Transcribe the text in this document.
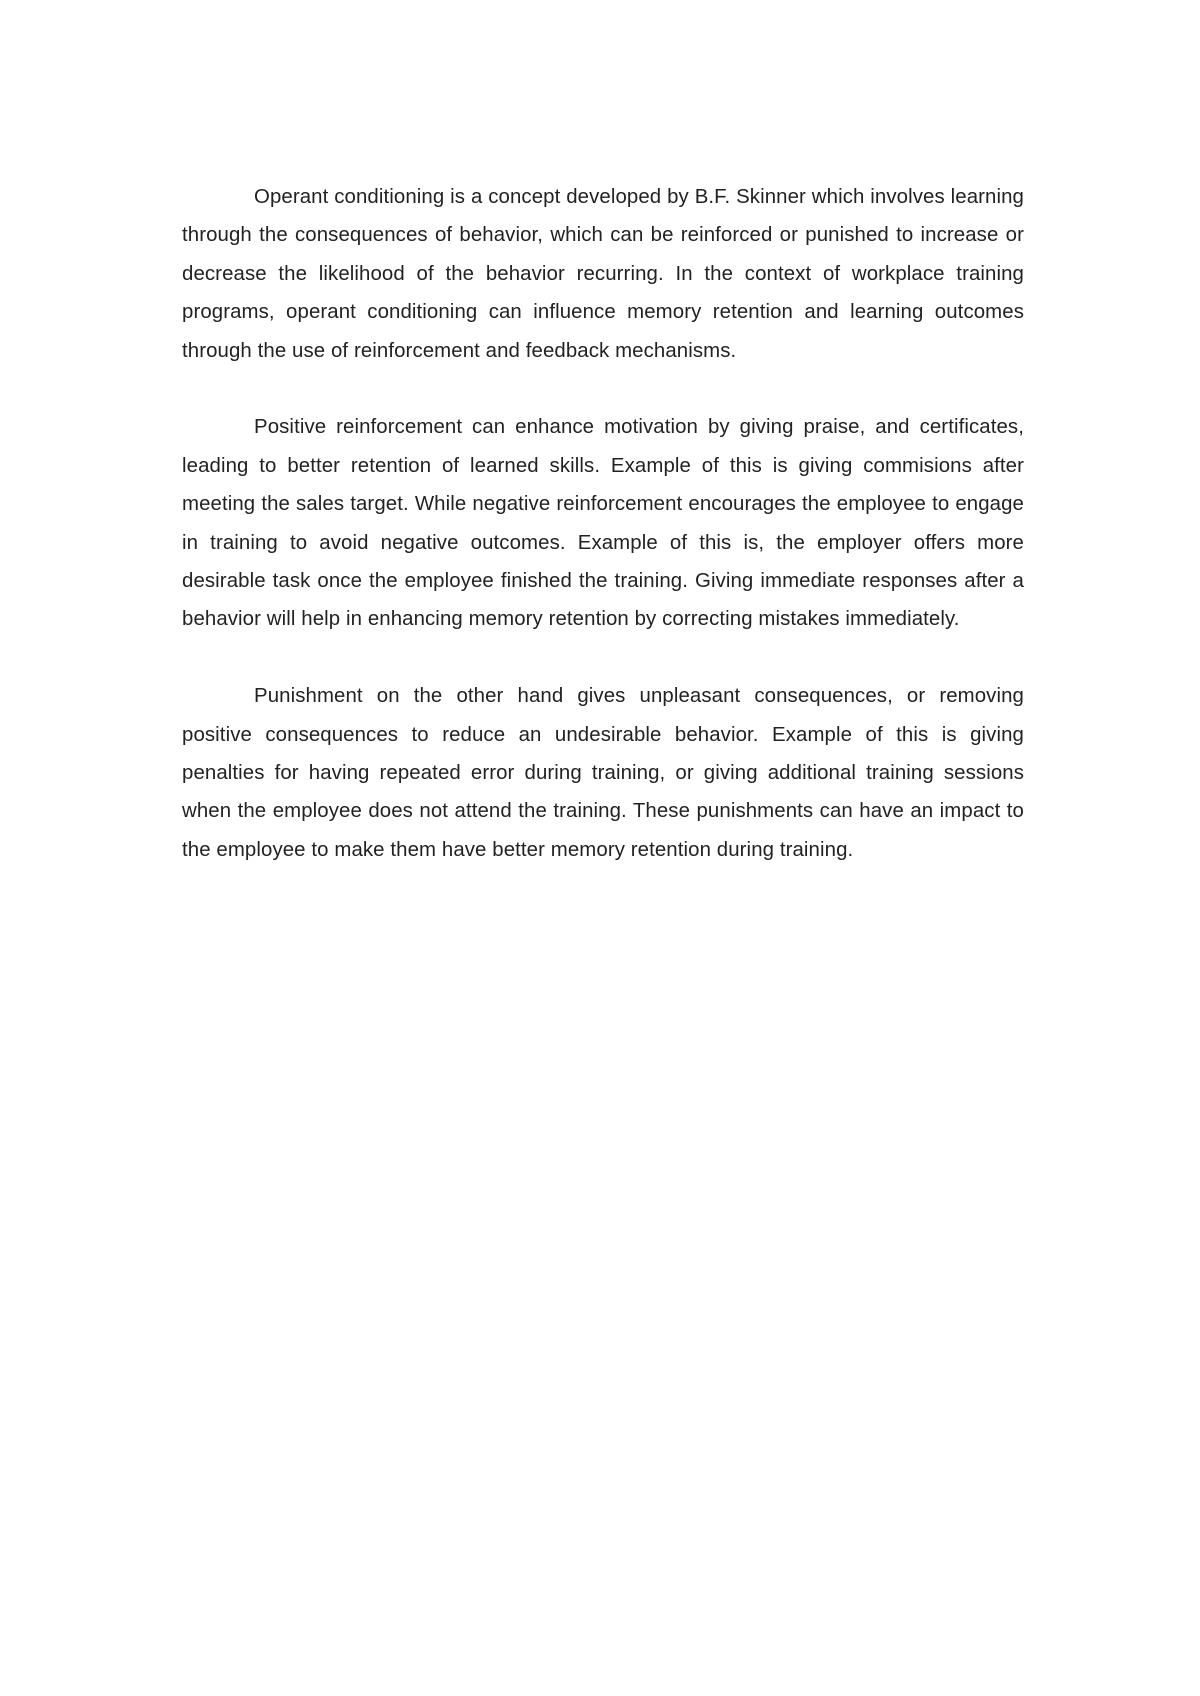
Operant conditioning is a concept developed by B.F. Skinner which involves learning through the consequences of behavior, which can be reinforced or punished to increase or decrease the likelihood of the behavior recurring. In the context of workplace training programs, operant conditioning can influence memory retention and learning outcomes through the use of reinforcement and feedback mechanisms.

Positive reinforcement can enhance motivation by giving praise, and certificates, leading to better retention of learned skills. Example of this is giving commisions after meeting the sales target. While negative reinforcement encourages the employee to engage in training to avoid negative outcomes. Example of this is, the employer offers more desirable task once the employee finished the training. Giving immediate responses after a behavior will help in enhancing memory retention by correcting mistakes immediately.

Punishment on the other hand gives unpleasant consequences, or removing positive consequences to reduce an undesirable behavior. Example of this is giving penalties for having repeated error during training, or giving additional training sessions when the employee does not attend the training. These punishments can have an impact to the employee to make them have better memory retention during training.
